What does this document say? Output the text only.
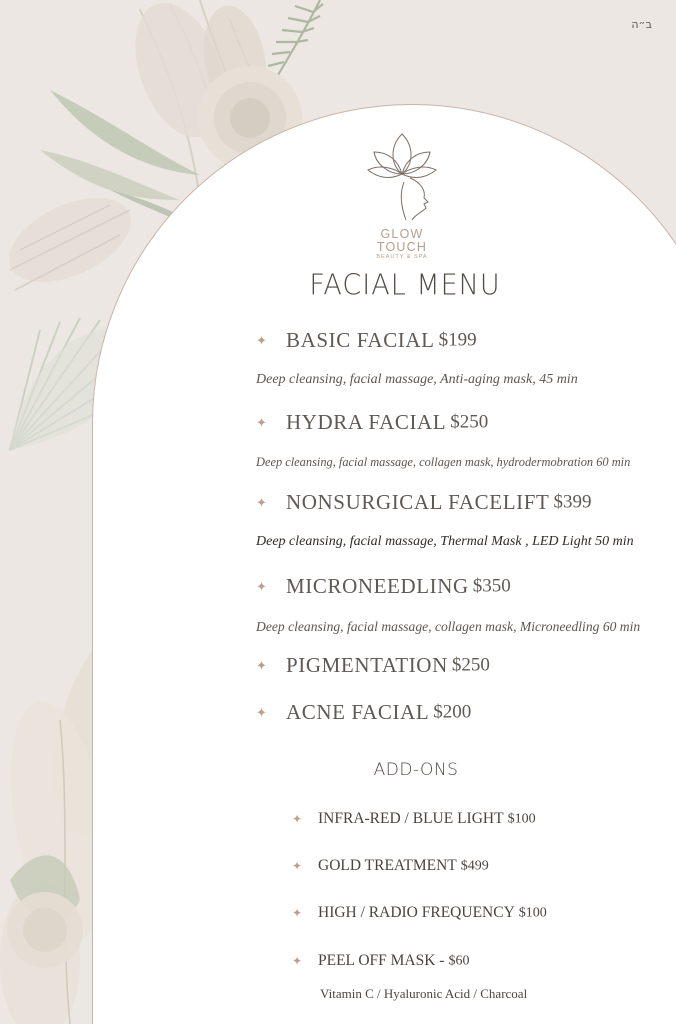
ב״ה
GLOW TOUCH
BEAUTY & SPA
FACIAL MENU
✦ BASIC FACIAL $199
Deep cleansing, facial massage, Anti-aging mask, 45 min
✦ HYDRA FACIAL $250
Deep cleansing, facial massage, collagen mask, hydrodermobration 60 min
✦ NONSURGICAL FACELIFT $399
Deep cleansing, facial massage, Thermal Mask , LED Light 50 min
✦ MICRONEEDLING $350
Deep cleansing, facial massage, collagen mask, Microneedling 60 min
✦ PIGMENTATION $250
✦ ACNE FACIAL $200
ADD-ONS
✦ INFRA-RED / BLUE LIGHT $100
✦ GOLD TREATMENT $499
✦ HIGH / RADIO FREQUENCY $100
✦ PEEL OFF MASK - $60
Vitamin C / Hyaluronic Acid / Charcoal
